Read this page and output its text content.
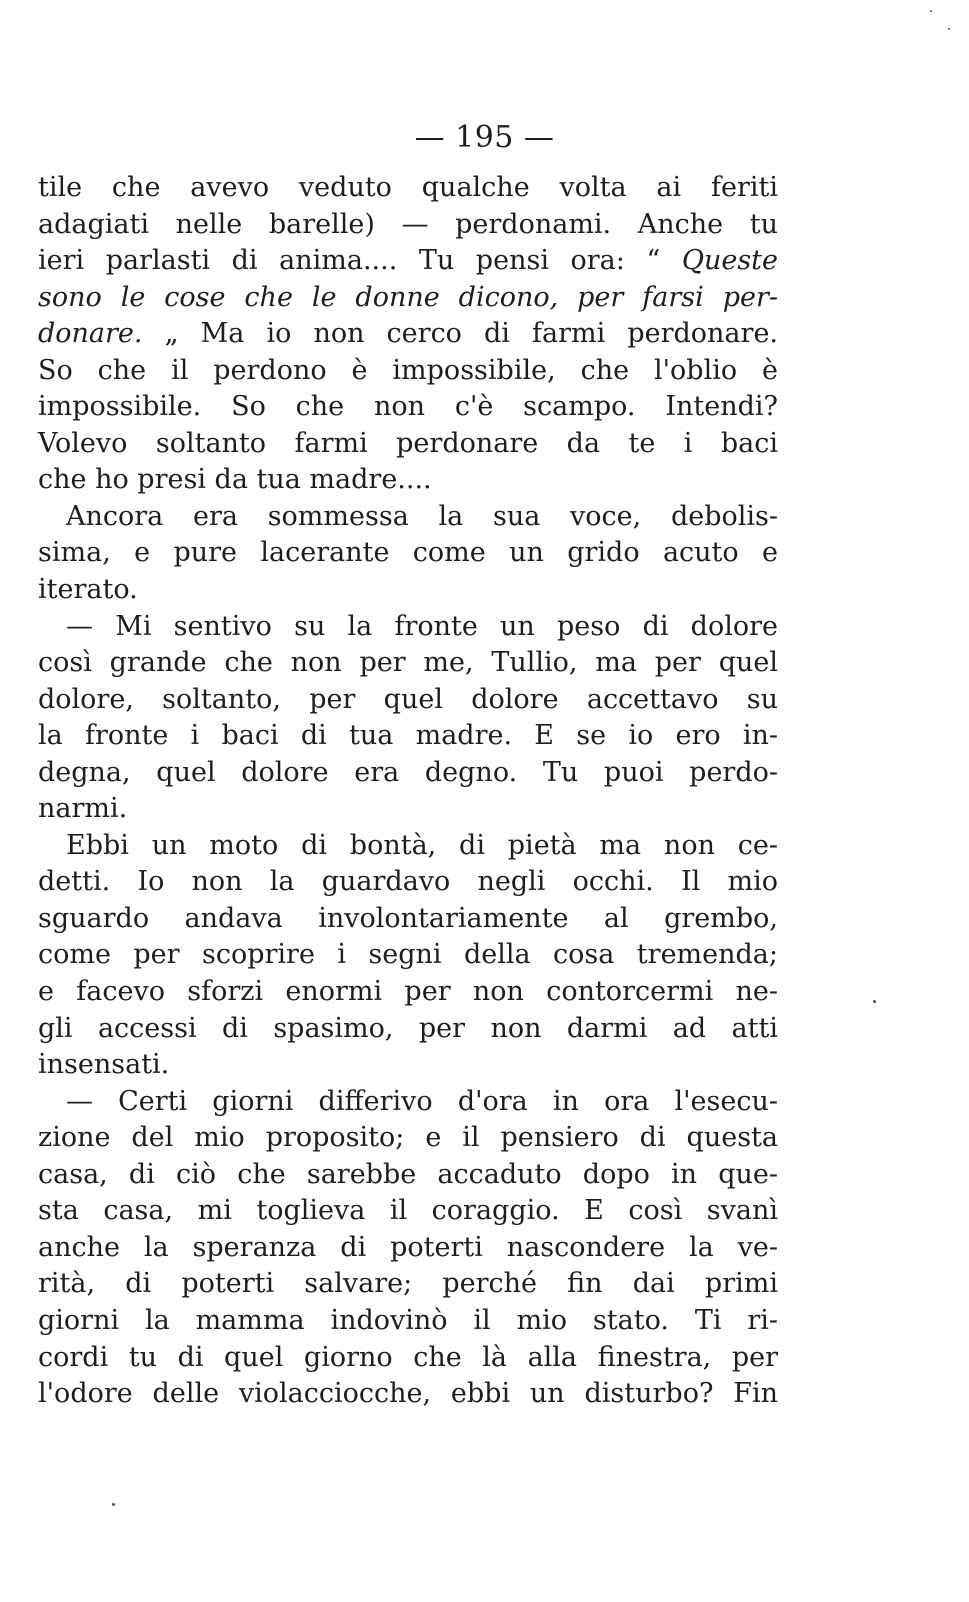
— 195 —
tile che avevo veduto qualche volta ai feriti
adagiati nelle barelle) — perdonami. Anche tu
ieri parlasti di anima.... Tu pensi ora: “ Queste
sono le cose che le donne dicono, per farsi per-
donare. „ Ma io non cerco di farmi perdonare.
So che il perdono è impossibile, che l'oblio è
impossibile. So che non c'è scampo. Intendi?
Volevo soltanto farmi perdonare da te i baci
che ho presi da tua madre....
Ancora era sommessa la sua voce, debolis-
sima, e pure lacerante come un grido acuto e
iterato.
— Mi sentivo su la fronte un peso di dolore
così grande che non per me, Tullio, ma per quel
dolore, soltanto, per quel dolore accettavo su
la fronte i baci di tua madre. E se io ero in-
degna, quel dolore era degno. Tu puoi perdo-
narmi.
Ebbi un moto di bontà, di pietà ma non ce-
detti. Io non la guardavo negli occhi. Il mio
sguardo andava involontariamente al grembo,
come per scoprire i segni della cosa tremenda;
e facevo sforzi enormi per non contorcermi ne-
gli accessi di spasimo, per non darmi ad atti
insensati.
— Certi giorni differivo d'ora in ora l'esecu-
zione del mio proposito; e il pensiero di questa
casa, di ciò che sarebbe accaduto dopo in que-
sta casa, mi toglieva il coraggio. E così svanì
anche la speranza di poterti nascondere la ve-
rità, di poterti salvare; perché fin dai primi
giorni la mamma indovinò il mio stato. Ti ri-
cordi tu di quel giorno che là alla finestra, per
l'odore delle violacciocche, ebbi un disturbo? Fin
